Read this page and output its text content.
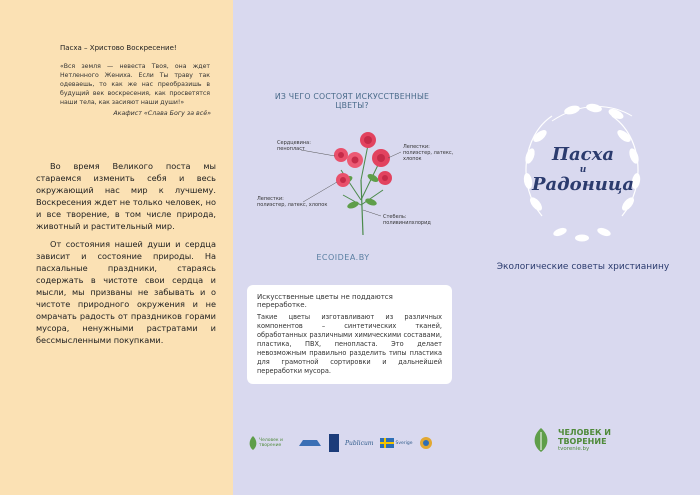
Пасха – Христово Воскресение!
«Вся земля — невеста Твоя, она ждет Нетленного Жениха. Если Ты траву так одеваешь, то как же нас преобразишь в будущий век воскресения, как просветятся наши тела, как засияют наши души!»
Акафист «Слава Богу за всё»

Во время Великого поста мы стараемся изменить себя и весь окружающий нас мир к лучшему. Воскресения ждет не только человек, но и все творение, в том числе природа, животный и растительный мир.

От состояния нашей души и сердца зависит и состояние природы. На пасхальные праздники, стараясь содержать в чистоте свои сердца и мысли, мы призваны не забывать и о чистоте природного окружения и не омрачать радость от праздников горами мусора, ненужными растратами и бессмысленными покупками.

ИЗ ЧЕГО СОСТОЯТ ИСКУССТВЕННЫЕ ЦВЕТЫ?
Сердцевина:
пенопласт	Лепестки:
полиэстер, латекс, хлопок
Лепестки:
полиэстер, латекс, хлопок
Стебель:
поливинилхлорид
ECOIDEA.BY
Искусственные цветы не поддаются переработке.
Такие цветы изготавливают из различных компонентов – синтетических тканей, обработанных различными химическими составами, пластика, ПВХ, пенопласта. Это делает невозможным правильно разделить типы пластика для грамотной сортировки и дальнейшей переработки мусора.
Человек и творение	Publicum	Sverige
Пасха
и
Радоница
Экологические советы христианину
ЧЕЛОВЕК И
ТВОРЕНИЕ
tvorenie.by
